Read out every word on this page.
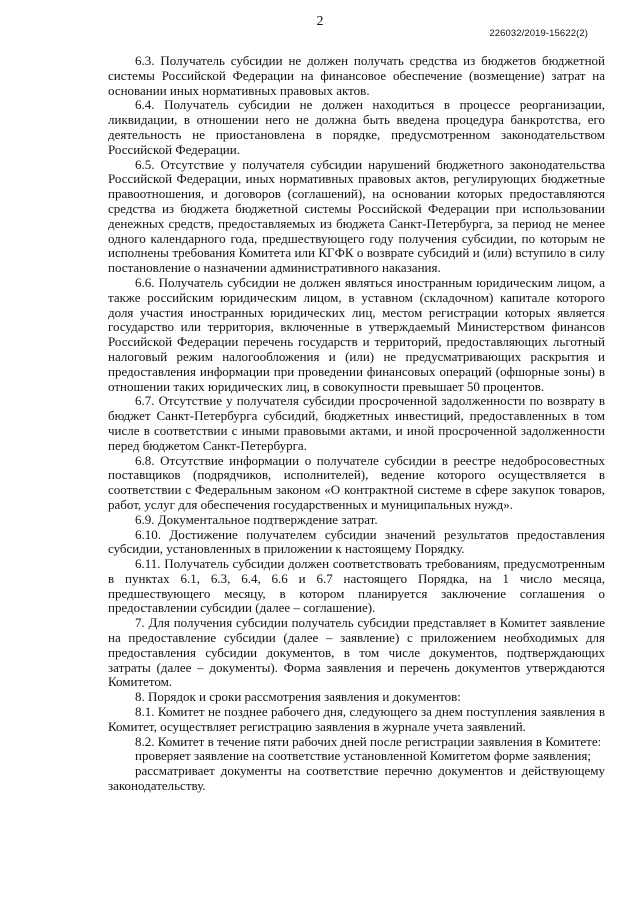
2
226032/2019-15622(2)

6.3. Получатель субсидии не должен получать средства из бюджетов бюджетной системы Российской Федерации на финансовое обеспечение (возмещение) затрат на основании иных нормативных правовых актов.

6.4. Получатель субсидии не должен находиться в процессе реорганизации, ликвидации, в отношении него не должна быть введена процедура банкротства, его деятельность не приостановлена в порядке, предусмотренном законодательством Российской Федерации.

6.5. Отсутствие у получателя субсидии нарушений бюджетного законодательства Российской Федерации, иных нормативных правовых актов, регулирующих бюджетные правоотношения, и договоров (соглашений), на основании которых предоставляются средства из бюджета бюджетной системы Российской Федерации при использовании денежных средств, предоставляемых из бюджета Санкт-Петербурга, за период не менее одного календарного года, предшествующего году получения субсидии, по которым не исполнены требования Комитета или КГФК о возврате субсидий и (или) вступило в силу постановление о назначении административного наказания.

6.6. Получатель субсидии не должен являться иностранным юридическим лицом, а также российским юридическим лицом, в уставном (складочном) капитале которого доля участия иностранных юридических лиц, местом регистрации которых является государство или территория, включенные в утверждаемый Министерством финансов Российской Федерации перечень государств и территорий, предоставляющих льготный налоговый режим налогообложения и (или) не предусматривающих раскрытия и предоставления информации при проведении финансовых операций (офшорные зоны) в отношении таких юридических лиц, в совокупности превышает 50 процентов.

6.7. Отсутствие у получателя субсидии просроченной задолженности по возврату в бюджет Санкт-Петербурга субсидий, бюджетных инвестиций, предоставленных в том числе в соответствии с иными правовыми актами, и иной просроченной задолженности перед бюджетом Санкт-Петербурга.

6.8. Отсутствие информации о получателе субсидии в реестре недобросовестных поставщиков (подрядчиков, исполнителей), ведение которого осуществляется в соответствии с Федеральным законом «О контрактной системе в сфере закупок товаров, работ, услуг для обеспечения государственных и муниципальных нужд».

6.9. Документальное подтверждение затрат.

6.10. Достижение получателем субсидии значений результатов предоставления субсидии, установленных в приложении к настоящему Порядку.

6.11. Получатель субсидии должен соответствовать требованиям, предусмотренным в пунктах 6.1, 6.3, 6.4, 6.6 и 6.7 настоящего Порядка, на 1 число месяца, предшествующего месяцу, в котором планируется заключение соглашения о предоставлении субсидии (далее – соглашение).

7. Для получения субсидии получатель субсидии представляет в Комитет заявление на предоставление субсидии (далее – заявление) с приложением необходимых для предоставления субсидии документов, в том числе документов, подтверждающих затраты (далее – документы). Форма заявления и перечень документов утверждаются Комитетом.

8. Порядок и сроки рассмотрения заявления и документов:

8.1. Комитет не позднее рабочего дня, следующего за днем поступления заявления в Комитет, осуществляет регистрацию заявления в журнале учета заявлений.

8.2. Комитет в течение пяти рабочих дней после регистрации заявления в Комитете:

проверяет заявление на соответствие установленной Комитетом форме заявления;

рассматривает документы на соответствие перечню документов и действующему законодательству.
